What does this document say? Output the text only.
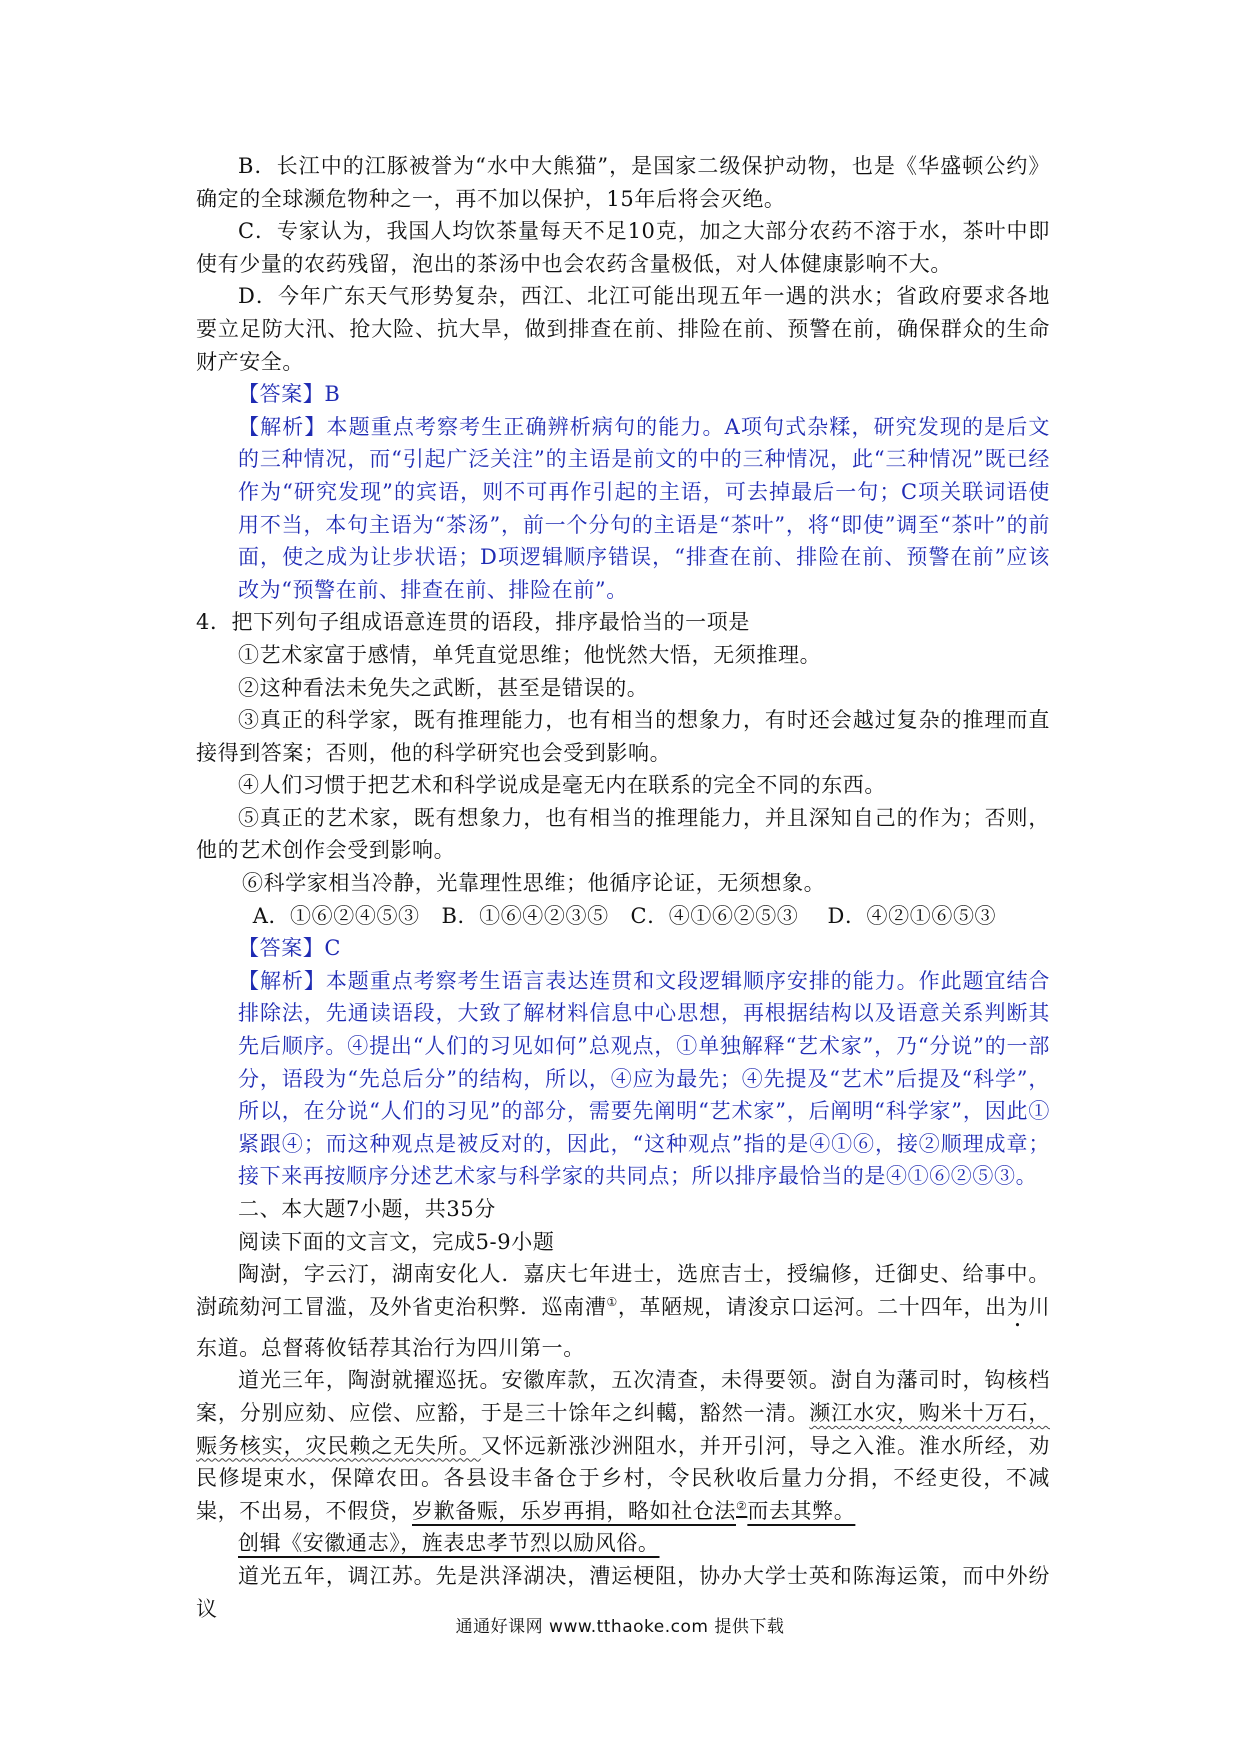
B．长江中的江豚被誉为“水中大熊猫”，是国家二级保护动物，也是《华盛顿公约》确定的全球濒危物种之一，再不加以保护，15年后将会灭绝。

C．专家认为，我国人均饮茶量每天不足10克，加之大部分农药不溶于水，茶叶中即使有少量的农药残留，泡出的茶汤中也会农药含量极低，对人体健康影响不大。

D．今年广东天气形势复杂，西江、北江可能出现五年一遇的洪水；省政府要求各地要立足防大汛、抢大险、抗大旱，做到排查在前、排险在前、预警在前，确保群众的生命财产安全。

【答案】B

【解析】本题重点考察考生正确辨析病句的能力。A项句式杂糅，研究发现的是后文的三种情况，而“引起广泛关注”的主语是前文的中的三种情况，此“三种情况”既已经作为“研究发现”的宾语，则不可再作引起的主语，可去掉最后一句；C项关联词语使用不当，本句主语为“茶汤”，前一个分句的主语是“茶叶”，将“即使”调至“茶叶”的前面，使之成为让步状语；D项逻辑顺序错误，“排查在前、排险在前、预警在前”应该改为“预警在前、排查在前、排险在前”。

4．把下列句子组成语意连贯的语段，排序最恰当的一项是

①艺术家富于感情，单凭直觉思维；他恍然大悟，无须推理。

②这种看法未免失之武断，甚至是错误的。

③真正的科学家，既有推理能力，也有相当的想象力，有时还会越过复杂的推理而直接得到答案；否则，他的科学研究也会受到影响。

④人们习惯于把艺术和科学说成是毫无内在联系的完全不同的东西。

⑤真正的艺术家，既有想象力，也有相当的推理能力，并且深知自己的作为；否则，他的艺术创作会受到影响。

⑥科学家相当冷静，光靠理性思维；他循序论证，无须想象。

A．①⑥②④⑤③   B．①⑥④②③⑤   C．④①⑥②⑤③    D．④②①⑥⑤③

【答案】C

【解析】本题重点考察考生语言表达连贯和文段逻辑顺序安排的能力。作此题宜结合排除法，先通读语段，大致了解材料信息中心思想，再根据结构以及语意关系判断其先后顺序。④提出“人们的习见如何”总观点，①单独解释“艺术家”，乃“分说”的一部分，语段为“先总后分”的结构，所以，④应为最先；④先提及“艺术”后提及“科学”，所以，在分说“人们的习见”的部分，需要先阐明“艺术家”，后阐明“科学家”，因此①紧跟④；而这种观点是被反对的，因此，“这种观点”指的是④①⑥，接②顺理成章；接下来再按顺序分述艺术家与科学家的共同点；所以排序最恰当的是④①⑥②⑤③。

二、本大题7小题，共35分

阅读下面的文言文，完成5-9小题

陶澍，字云汀，湖南安化人．嘉庆七年进士，选庶吉士，授编修，迁御史、给事中。澍疏劾河工冒滥，及外省吏治积弊．巡南漕①，革陋规，请浚京口运河。二十四年，出为川东道。总督蒋攸铦荐其治行为四川第一。

道光三年，陶澍就擢巡抚。安徽库款，五次清查，未得要领。澍自为藩司时，钩核档案，分别应劾、应偿、应豁，于是三十馀年之纠轕，豁然一清。濒江水灾，购米十万石，赈务核实，灾民赖之无失所。又怀远新涨沙洲阻水，并开引河，导之入淮。淮水所经，劝民修堤束水，保障农田。各县设丰备仓于乡村，令民秋收后量力分捐，不经吏役，不减粜，不出易，不假贷，岁歉备赈，乐岁再捐，略如社仓法②而去其弊。

创辑《安徽通志》，旌表忠孝节烈以励风俗。

道光五年，调江苏。先是洪泽湖决，漕运梗阻，协办大学士英和陈海运策，而中外纷议

通通好课网 www.tthaoke.com 提供下载
